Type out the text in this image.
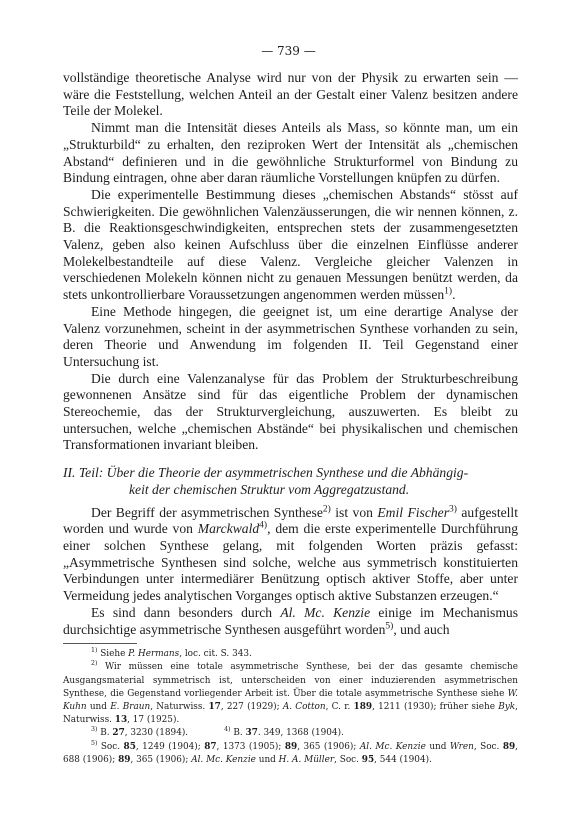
— 739 —

vollständige theoretische Analyse wird nur von der Physik zu erwarten sein — wäre die Feststellung, welchen Anteil an der Gestalt einer Valenz besitzen andere Teile der Molekel.

Nimmt man die Intensität dieses Anteils als Mass, so könnte man, um ein „Strukturbild“ zu erhalten, den reziproken Wert der Intensität als „chemischen Abstand“ definieren und in die gewöhnliche Strukturformel von Bindung zu Bindung eintragen, ohne aber daran räumliche Vorstellungen knüpfen zu dürfen.

Die experimentelle Bestimmung dieses „chemischen Abstands“ stösst auf Schwierigkeiten. Die gewöhnlichen Valenzäusserungen, die wir nennen können, z. B. die Reaktionsgeschwindigkeiten, entsprechen stets der zusammengesetzten Valenz, geben also keinen Aufschluss über die einzelnen Einflüsse anderer Molekelbestandteile auf diese Valenz. Vergleiche gleicher Valenzen in verschiedenen Molekeln können nicht zu genauen Messungen benützt werden, da stets unkontrollierbare Voraussetzungen angenommen werden müssen$^{1)}$.

Eine Methode hingegen, die geeignet ist, um eine derartige Analyse der Valenz vorzunehmen, scheint in der asymmetrischen Synthese vorhanden zu sein, deren Theorie und Anwendung im folgenden II. Teil Gegenstand einer Untersuchung ist.

Die durch eine Valenzanalyse für das Problem der Strukturbeschreibung gewonnenen Ansätze sind für das eigentliche Problem der dynamischen Stereochemie, das der Strukturvergleichung, auszuwerten. Es bleibt zu untersuchen, welche „chemischen Abstände“ bei physikalischen und chemischen Transformationen invariant bleiben.

II. Teil: Über die Theorie der asymmetrischen Synthese und die Abhängig-
keit der chemischen Struktur vom Aggregatzustand.

Der Begriff der asymmetrischen Synthese$^{2)}$ ist von Emil Fischer$^{3)}$ aufgestellt worden und wurde von Marckwald$^{4)}$, dem die erste experimentelle Durchführung einer solchen Synthese gelang, mit folgenden Worten präzis gefasst: „Asymmetrische Synthesen sind solche, welche aus symmetrisch konstituierten Verbindungen unter intermediärer Benützung optisch aktiver Stoffe, aber unter Vermeidung jedes analytischen Vorganges optisch aktive Substanzen erzeugen.“

Es sind dann besonders durch Al. Mc. Kenzie einige im Mechanismus durchsichtige asymmetrische Synthesen ausgeführt worden$^{5)}$, und auch

$^{1)}$ Siehe P. Hermans, loc. cit. S. 343.

$^{2)}$ Wir müssen eine totale asymmetrische Synthese, bei der das gesamte chemische Ausgangsmaterial symmetrisch ist, unterscheiden von einer induzierenden asymmetrischen Synthese, die Gegenstand vorliegender Arbeit ist. Über die totale asymmetrische Synthese siehe W. Kuhn und E. Braun, Naturwiss. 17, 227 (1929); A. Cotton, C. r. 189, 1211 (1930); früher siehe Byk, Naturwiss. 13, 17 (1925).

$^{3)}$ B. 27, 3230 (1894).	$^{4)}$ B. 37. 349, 1368 (1904).

$^{5)}$ Soc. 85, 1249 (1904); 87, 1373 (1905); 89, 365 (1906); Al. Mc. Kenzie und Wren, Soc. 89, 688 (1906); 89, 365 (1906); Al. Mc. Kenzie und H. A. Müller, Soc. 95, 544 (1904).
